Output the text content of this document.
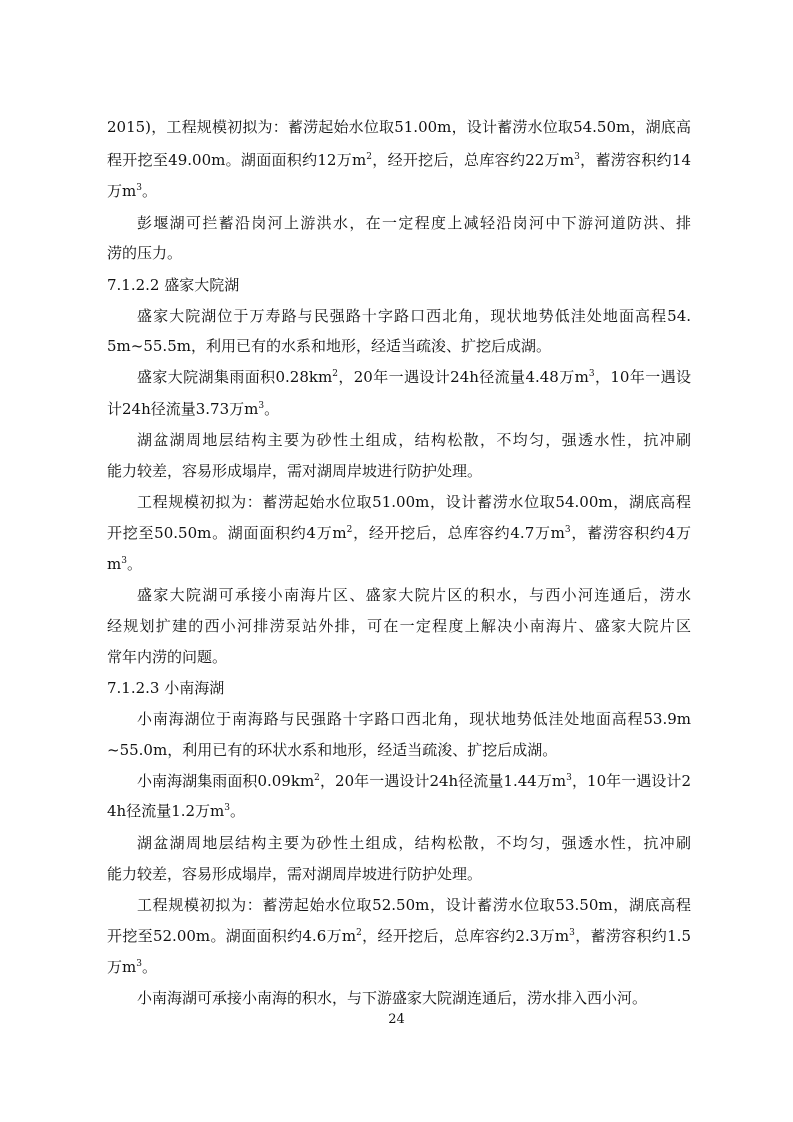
2015)，工程规模初拟为：蓄涝起始水位取51.00m，设计蓄涝水位取54.50m，湖底高
程开挖至49.00m。湖面面积约12万$m^2$，经开挖后，总库容约22万$m^3$，蓄涝容积约14
万$m^3$。
彭堰湖可拦蓄沿岗河上游洪水，在一定程度上减轻沿岗河中下游河道防洪、排
涝的压力。
7.1.2.2 盛家大院湖
盛家大院湖位于万寿路与民强路十字路口西北角，现状地势低洼处地面高程54.
5m~55.5m，利用已有的水系和地形，经适当疏浚、扩挖后成湖。
盛家大院湖集雨面积$0.28km^2$，20年一遇设计24h径流量4.48万$m^3$，10年一遇设
计24h径流量3.73万$m^3$。
湖盆湖周地层结构主要为砂性土组成，结构松散，不均匀，强透水性，抗冲刷
能力较差，容易形成塌岸，需对湖周岸坡进行防护处理。
工程规模初拟为：蓄涝起始水位取51.00m，设计蓄涝水位取54.00m，湖底高程
开挖至50.50m。湖面面积约4万$m^2$，经开挖后，总库容约4.7万$m^3$，蓄涝容积约4万
$m^3$。
盛家大院湖可承接小南海片区、盛家大院片区的积水，与西小河连通后，涝水
经规划扩建的西小河排涝泵站外排，可在一定程度上解决小南海片、盛家大院片区
常年内涝的问题。
7.1.2.3 小南海湖
小南海湖位于南海路与民强路十字路口西北角，现状地势低洼处地面高程53.9m
~55.0m，利用已有的环状水系和地形，经适当疏浚、扩挖后成湖。
小南海湖集雨面积$0.09km^2$，20年一遇设计24h径流量1.44万$m^3$，10年一遇设计2
4h径流量1.2万$m^3$。
湖盆湖周地层结构主要为砂性土组成，结构松散，不均匀，强透水性，抗冲刷
能力较差，容易形成塌岸，需对湖周岸坡进行防护处理。
工程规模初拟为：蓄涝起始水位取52.50m，设计蓄涝水位取53.50m，湖底高程
开挖至52.00m。湖面面积约4.6万$m^2$，经开挖后，总库容约2.3万$m^3$，蓄涝容积约1.5
万$m^3$。
小南海湖可承接小南海的积水，与下游盛家大院湖连通后，涝水排入西小河。
24
